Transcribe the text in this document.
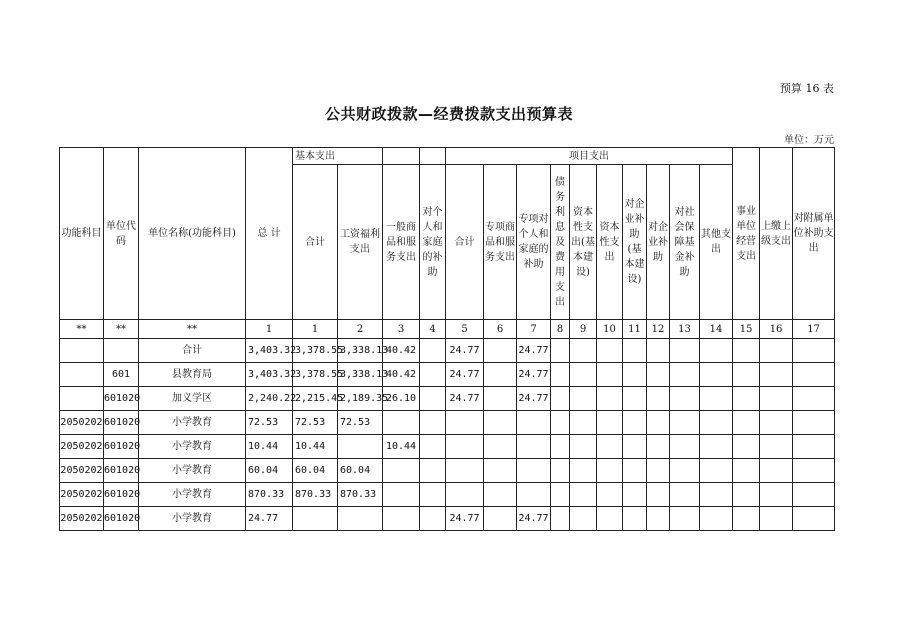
预算 16 表
公共财政拨款—经费拨款支出预算表
单位：万元
功能科目	单位代码	单位名称(功能科目)	总 计	基本支出				项目支出										事业单位经营支出	上缴上级支出	对附属单位补助支出
				合计	工资福利支出	一般商品和服务支出	对个人和家庭的补助	合计	专项商品和服务支出	专项对个人和家庭的补助	债务利息及费用支出	资本性支出(基本建设)	资本性支出	对企业补助(基本建设)	对企业补助	对社会保障基金补助	其他支出			
**	**	**	1	1	2	3	4	5	6	7	8	9	10	11	12	13	14	15	16	17
		合计	3,403.32	3,378.55	3,338.13	40.42		24.77		24.77										
	601	县教育局	3,403.32	3,378.55	3,338.13	40.42		24.77		24.77										
	601020	加义学区	2,240.22	2,215.45	2,189.35	26.10		24.77		24.77										
2050202	601020	小学教育	72.53	72.53	72.53															
2050202	601020	小学教育	10.44	10.44		10.44														
2050202	601020	小学教育	60.04	60.04	60.04															
2050202	601020	小学教育	870.33	870.33	870.33															
2050202	601020	小学教育	24.77					24.77		24.77										
